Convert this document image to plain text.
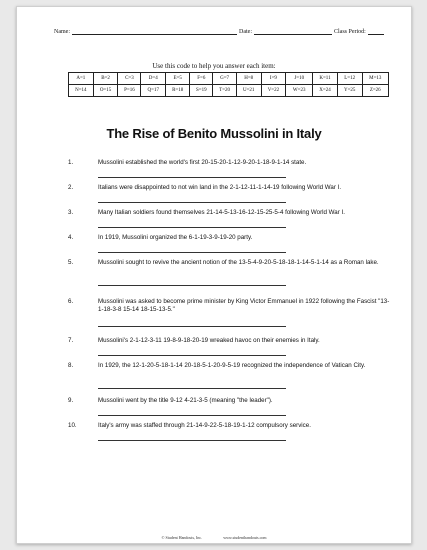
Name:	Date:	Class Period:
Use this code to help you answer each item:
A=1	B=2	C=3	D=4	E=5	F=6	G=7	H=8	I=9	J=10	K=11	L=12	M=13
N=14	O=15	P=16	Q=17	R=18	S=19	T=20	U=21	V=22	W=23	X=24	Y=25	Z=26
The Rise of Benito Mussolini in Italy
1.	Mussolini established the world's first 20-15-20-1-12-9-20-1-18-9-1-14 state.
2.	Italians were disappointed to not win land in the 2-1-12-11-1-14-19 following World War I.
3.	Many Italian soldiers found themselves 21-14-5-13-16-12-15-25-5-4 following World War I.
4.	In 1919, Mussolini organized the 6-1-19-3-9-19-20 party.
5.	Mussolini sought to revive the ancient notion of the 13-5-4-9-20-5-18-18-1-14-5-1-14 as a Roman lake.
6.	Mussolini was asked to become prime minister by King Victor Emmanuel in 1922 following the Fascist "13-1-18-3-8 15-14 18-15-13-5."
7.	Mussolini's 2-1-12-3-11 19-8-9-18-20-19 wreaked havoc on their enemies in Italy.
8.	In 1929, the 12-1-20-5-18-1-14 20-18-5-1-20-9-5-19 recognized the independence of Vatican City.
9.	Mussolini went by the title 9-12 4-21-3-5 (meaning "the leader").
10.	Italy's army was staffed through 21-14-9-22-5-18-19-1-12 compulsory service.
© Student Handouts, Inc.	www.studenthandouts.com
